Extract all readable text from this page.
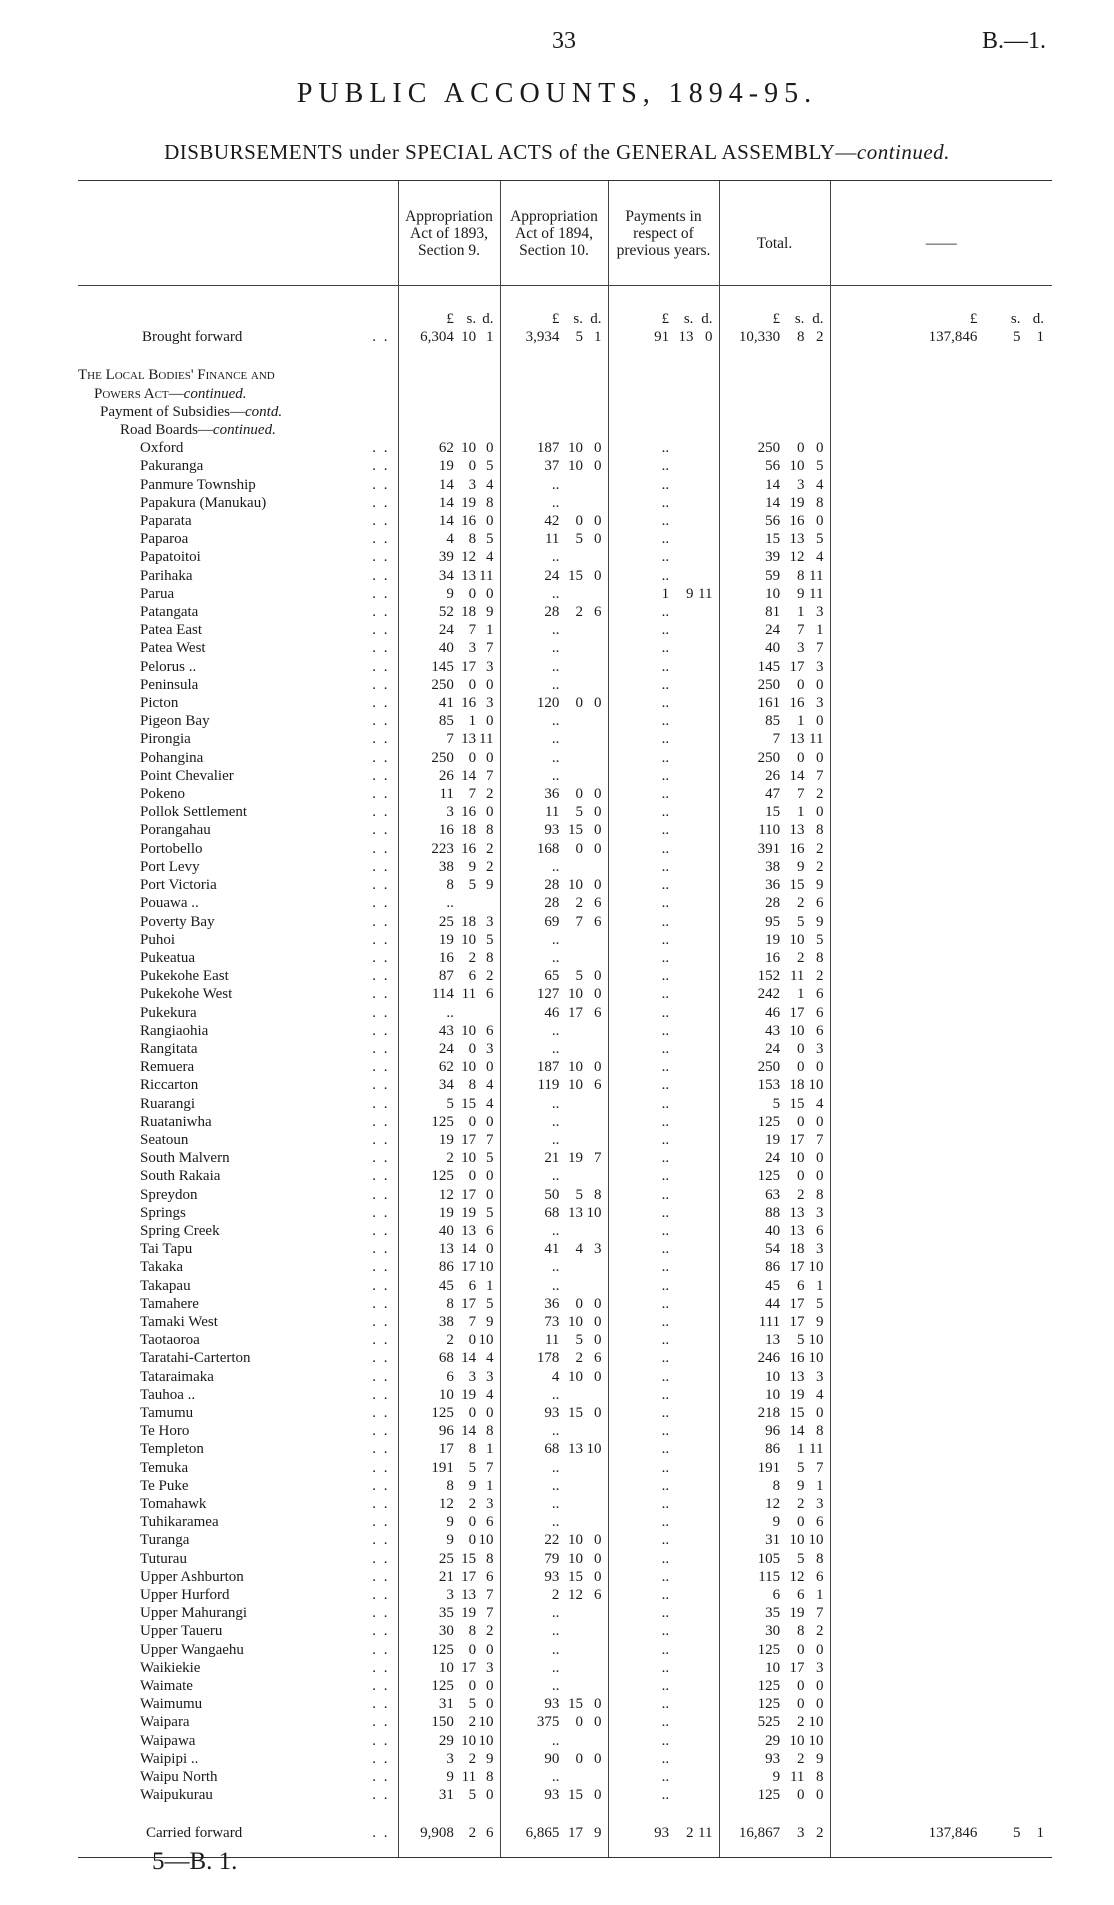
33	B.—1.
PUBLIC ACCOUNTS, 1894-95.
DISBURSEMENTS under SPECIAL ACTS of the GENERAL ASSEMBLY—continued.
	Appropriation Act of 1893, Section 9.	Appropriation Act of 1894, Section 10.	Payments in respect of previous years.	Total.	——

	£ s. d.	£ s. d.	£ s. d.	£ s. d.	£ s. d.

Brought forward . .	6,304 10 1	3,934 5 1	91 13 0	10,330 8 2	137,846 5 1

The Local Bodies' Finance and					
Powers Act—continued.					
Payment of Subsidies—contd.					
Road Boards—continued.					

Oxford . .	62 10 0	187 10 0	..	250 0 0	

Pakuranga . .	19 0 5	37 10 0	..	56 10 5	

Panmure Township . .	14 3 4	..	..	14 3 4	

Papakura (Manukau) . .	14 19 8	..	..	14 19 8	

Paparata . .	14 16 0	42 0 0	..	56 16 0	

Paparoa . .	4 8 5	11 5 0	..	15 13 5	

Papatoitoi . .	39 12 4	..	..	39 12 4	

Parihaka . .	34 13 11	24 15 0	..	59 8 11	

Parua . .	9 0 0	..	1 9 11	10 9 11	

Patangata . .	52 18 9	28 2 6	..	81 1 3	

Patea East . .	24 7 1	..	..	24 7 1	

Patea West . .	40 3 7	..	..	40 3 7	

Pelorus .. . .	145 17 3	..	..	145 17 3	

Peninsula . .	250 0 0	..	..	250 0 0	

Picton . .	41 16 3	120 0 0	..	161 16 3	

Pigeon Bay . .	85 1 0	..	..	85 1 0	

Pirongia . .	7 13 11	..	..	7 13 11	

Pohangina . .	250 0 0	..	..	250 0 0	

Point Chevalier . .	26 14 7	..	..	26 14 7	

Pokeno . .	11 7 2	36 0 0	..	47 7 2	

Pollok Settlement . .	3 16 0	11 5 0	..	15 1 0	

Porangahau . .	16 18 8	93 15 0	..	110 13 8	

Portobello . .	223 16 2	168 0 0	..	391 16 2	

Port Levy . .	38 9 2	..	..	38 9 2	

Port Victoria . .	8 5 9	28 10 0	..	36 15 9	

Pouawa .. . .	..	28 2 6	..	28 2 6	

Poverty Bay . .	25 18 3	69 7 6	..	95 5 9	

Puhoi . .	19 10 5	..	..	19 10 5	

Pukeatua . .	16 2 8	..	..	16 2 8	

Pukekohe East . .	87 6 2	65 5 0	..	152 11 2	

Pukekohe West . .	114 11 6	127 10 0	..	242 1 6	

Pukekura . .	..	46 17 6	..	46 17 6	

Rangiaohia . .	43 10 6	..	..	43 10 6	

Rangitata . .	24 0 3	..	..	24 0 3	

Remuera . .	62 10 0	187 10 0	..	250 0 0	

Riccarton . .	34 8 4	119 10 6	..	153 18 10	

Ruarangi . .	5 15 4	..	..	5 15 4	

Ruataniwha . .	125 0 0	..	..	125 0 0	

Seatoun . .	19 17 7	..	..	19 17 7	

South Malvern . .	2 10 5	21 19 7	..	24 10 0	

South Rakaia . .	125 0 0	..	..	125 0 0	

Spreydon . .	12 17 0	50 5 8	..	63 2 8	

Springs . .	19 19 5	68 13 10	..	88 13 3	

Spring Creek . .	40 13 6	..	..	40 13 6	

Tai Tapu . .	13 14 0	41 4 3	..	54 18 3	

Takaka . .	86 17 10	..	..	86 17 10	

Takapau . .	45 6 1	..	..	45 6 1	

Tamahere . .	8 17 5	36 0 0	..	44 17 5	

Tamaki West . .	38 7 9	73 10 0	..	111 17 9	

Taotaoroa . .	2 0 10	11 5 0	..	13 5 10	

Taratahi-Carterton . .	68 14 4	178 2 6	..	246 16 10	

Tataraimaka . .	6 3 3	4 10 0	..	10 13 3	

Tauhoa .. . .	10 19 4	..	..	10 19 4	

Tamumu . .	125 0 0	93 15 0	..	218 15 0	

Te Horo . .	96 14 8	..	..	96 14 8	

Templeton . .	17 8 1	68 13 10	..	86 1 11	

Temuka . .	191 5 7	..	..	191 5 7	

Te Puke . .	8 9 1	..	..	8 9 1	

Tomahawk . .	12 2 3	..	..	12 2 3	

Tuhikaramea . .	9 0 6	..	..	9 0 6	

Turanga . .	9 0 10	22 10 0	..	31 10 10	

Tuturau . .	25 15 8	79 10 0	..	105 5 8	

Upper Ashburton . .	21 17 6	93 15 0	..	115 12 6	

Upper Hurford . .	3 13 7	2 12 6	..	6 6 1	

Upper Mahurangi . .	35 19 7	..	..	35 19 7	

Upper Taueru . .	30 8 2	..	..	30 8 2	

Upper Wangaehu . .	125 0 0	..	..	125 0 0	

Waikiekie . .	10 17 3	..	..	10 17 3	

Waimate . .	125 0 0	..	..	125 0 0	

Waimumu . .	31 5 0	93 15 0	..	125 0 0	

Waipara . .	150 2 10	375 0 0	..	525 2 10	

Waipawa . .	29 10 10	..	..	29 10 10	

Waipipi .. . .	3 2 9	90 0 0	..	93 2 9	

Waipu North . .	9 11 8	..	..	9 11 8	

Waipukurau . .	31 5 0	93 15 0	..	125 0 0	

Carried forward . .	9,908 2 6	6,865 17 9	93 2 11	16,867 3 2	137,846 5 1
5—B. 1.
